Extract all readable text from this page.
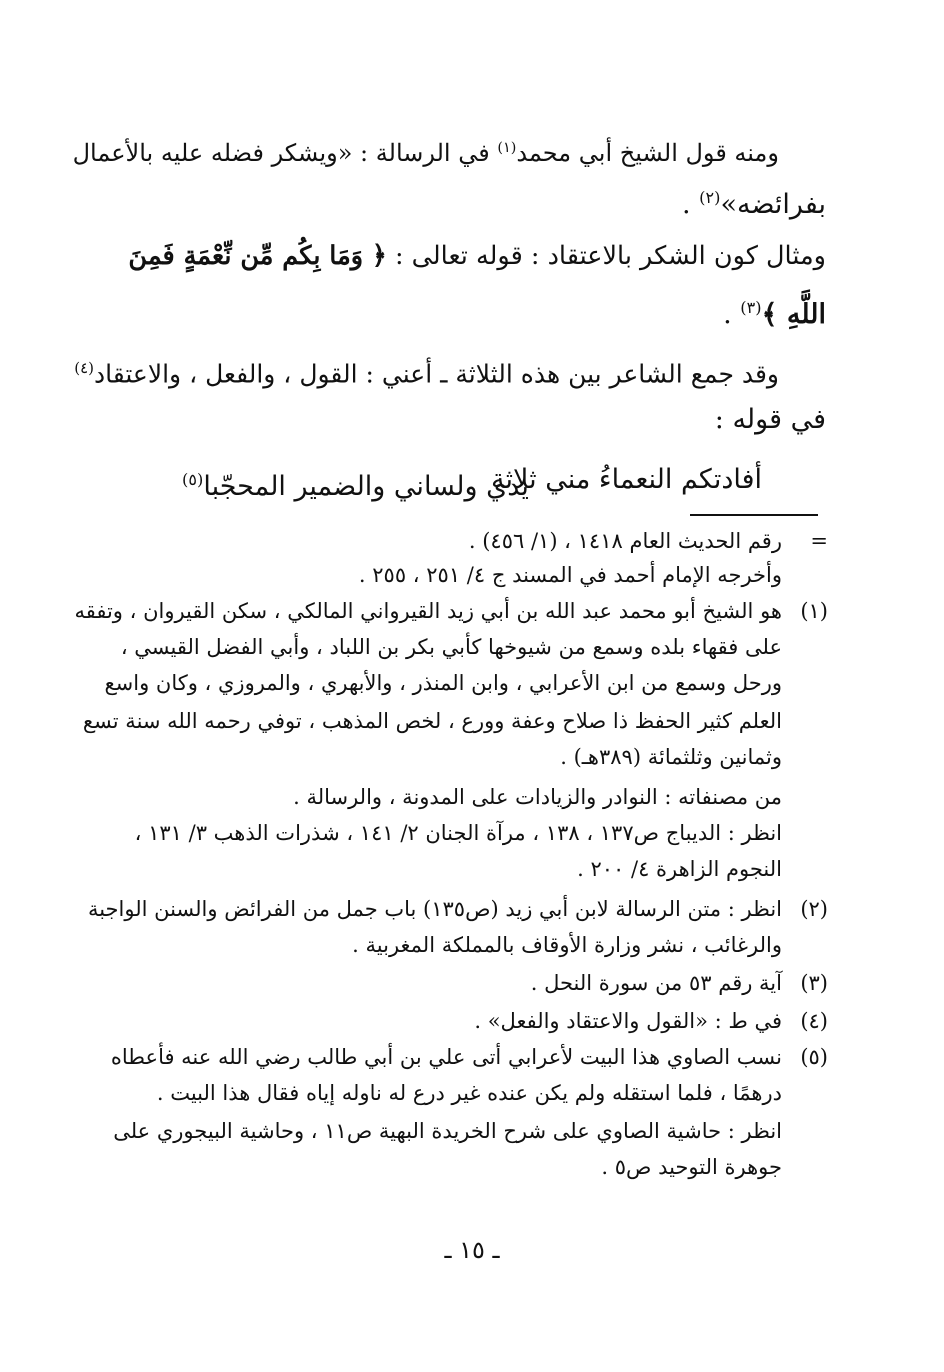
ومنه قول الشيخ أبي محمد$^{(١)}$ في الرسالة : «ويشكر فضله عليه بالأعمال
بفرائضه»$^{(٢)}$ .
ومثال كون الشكر بالاعتقاد : قوله تعالى : ﴿ وَمَا بِكُم مِّن نِّعْمَةٍ فَمِنَ
اللَّهِ ﴾$^{(٣)}$ .
وقد جمع الشاعر بين هذه الثلاثة ـ أعني : القول ، والفعل ، والاعتقاد$^{(٤)}$
في قوله :
أفادتكم النعماءُ مني ثلاثة
يدي ولساني والضمير المحجّبا$^{(٥)}$
=
رقم الحديث العام ١٤١٨ ، (١/ ٤٥٦) .
وأخرجه الإمام أحمد في المسند ج ٤/ ٢٥١ ، ٢٥٥ .
(١)
هو الشيخ أبو محمد عبد الله بن أبي زيد القيرواني المالكي ، سكن القيروان ، وتفقه
على فقهاء بلده وسمع من شيوخها كأبي بكر بن اللباد ، وأبي الفضل القيسي ،
ورحل وسمع من ابن الأعرابي ، وابن المنذر ، والأبهري ، والمروزي ، وكان واسع
العلم كثير الحفظ ذا صلاح وعفة وورع ، لخص المذهب ، توفي رحمه الله سنة تسع
وثمانين وثلثمائة (٣٨٩هـ) .
من مصنفاته : النوادر والزيادات على المدونة ، والرسالة .
انظر : الديباج ص١٣٧ ، ١٣٨ ، مرآة الجنان ٢/ ١٤١ ، شذرات الذهب ٣/ ١٣١ ،
النجوم الزاهرة ٤/ ٢٠٠ .
(٢)
انظر : متن الرسالة لابن أبي زيد (ص١٣٥) باب جمل من الفرائض والسنن الواجبة
والرغائب ، نشر وزارة الأوقاف بالمملكة المغربية .
(٣)
آية رقم ٥٣ من سورة النحل .
(٤)
في ط : «القول والاعتقاد والفعل» .
(٥)
نسب الصاوي هذا البيت لأعرابي أتى علي بن أبي طالب رضي الله عنه فأعطاه
درهمًا ، فلما استقله ولم يكن عنده غير درع له ناوله إياه فقال هذا البيت .
انظر : حاشية الصاوي على شرح الخريدة البهية ص١١ ، وحاشية البيجوري على
جوهرة التوحيد ص٥ .
ـ ١٥ ـ
